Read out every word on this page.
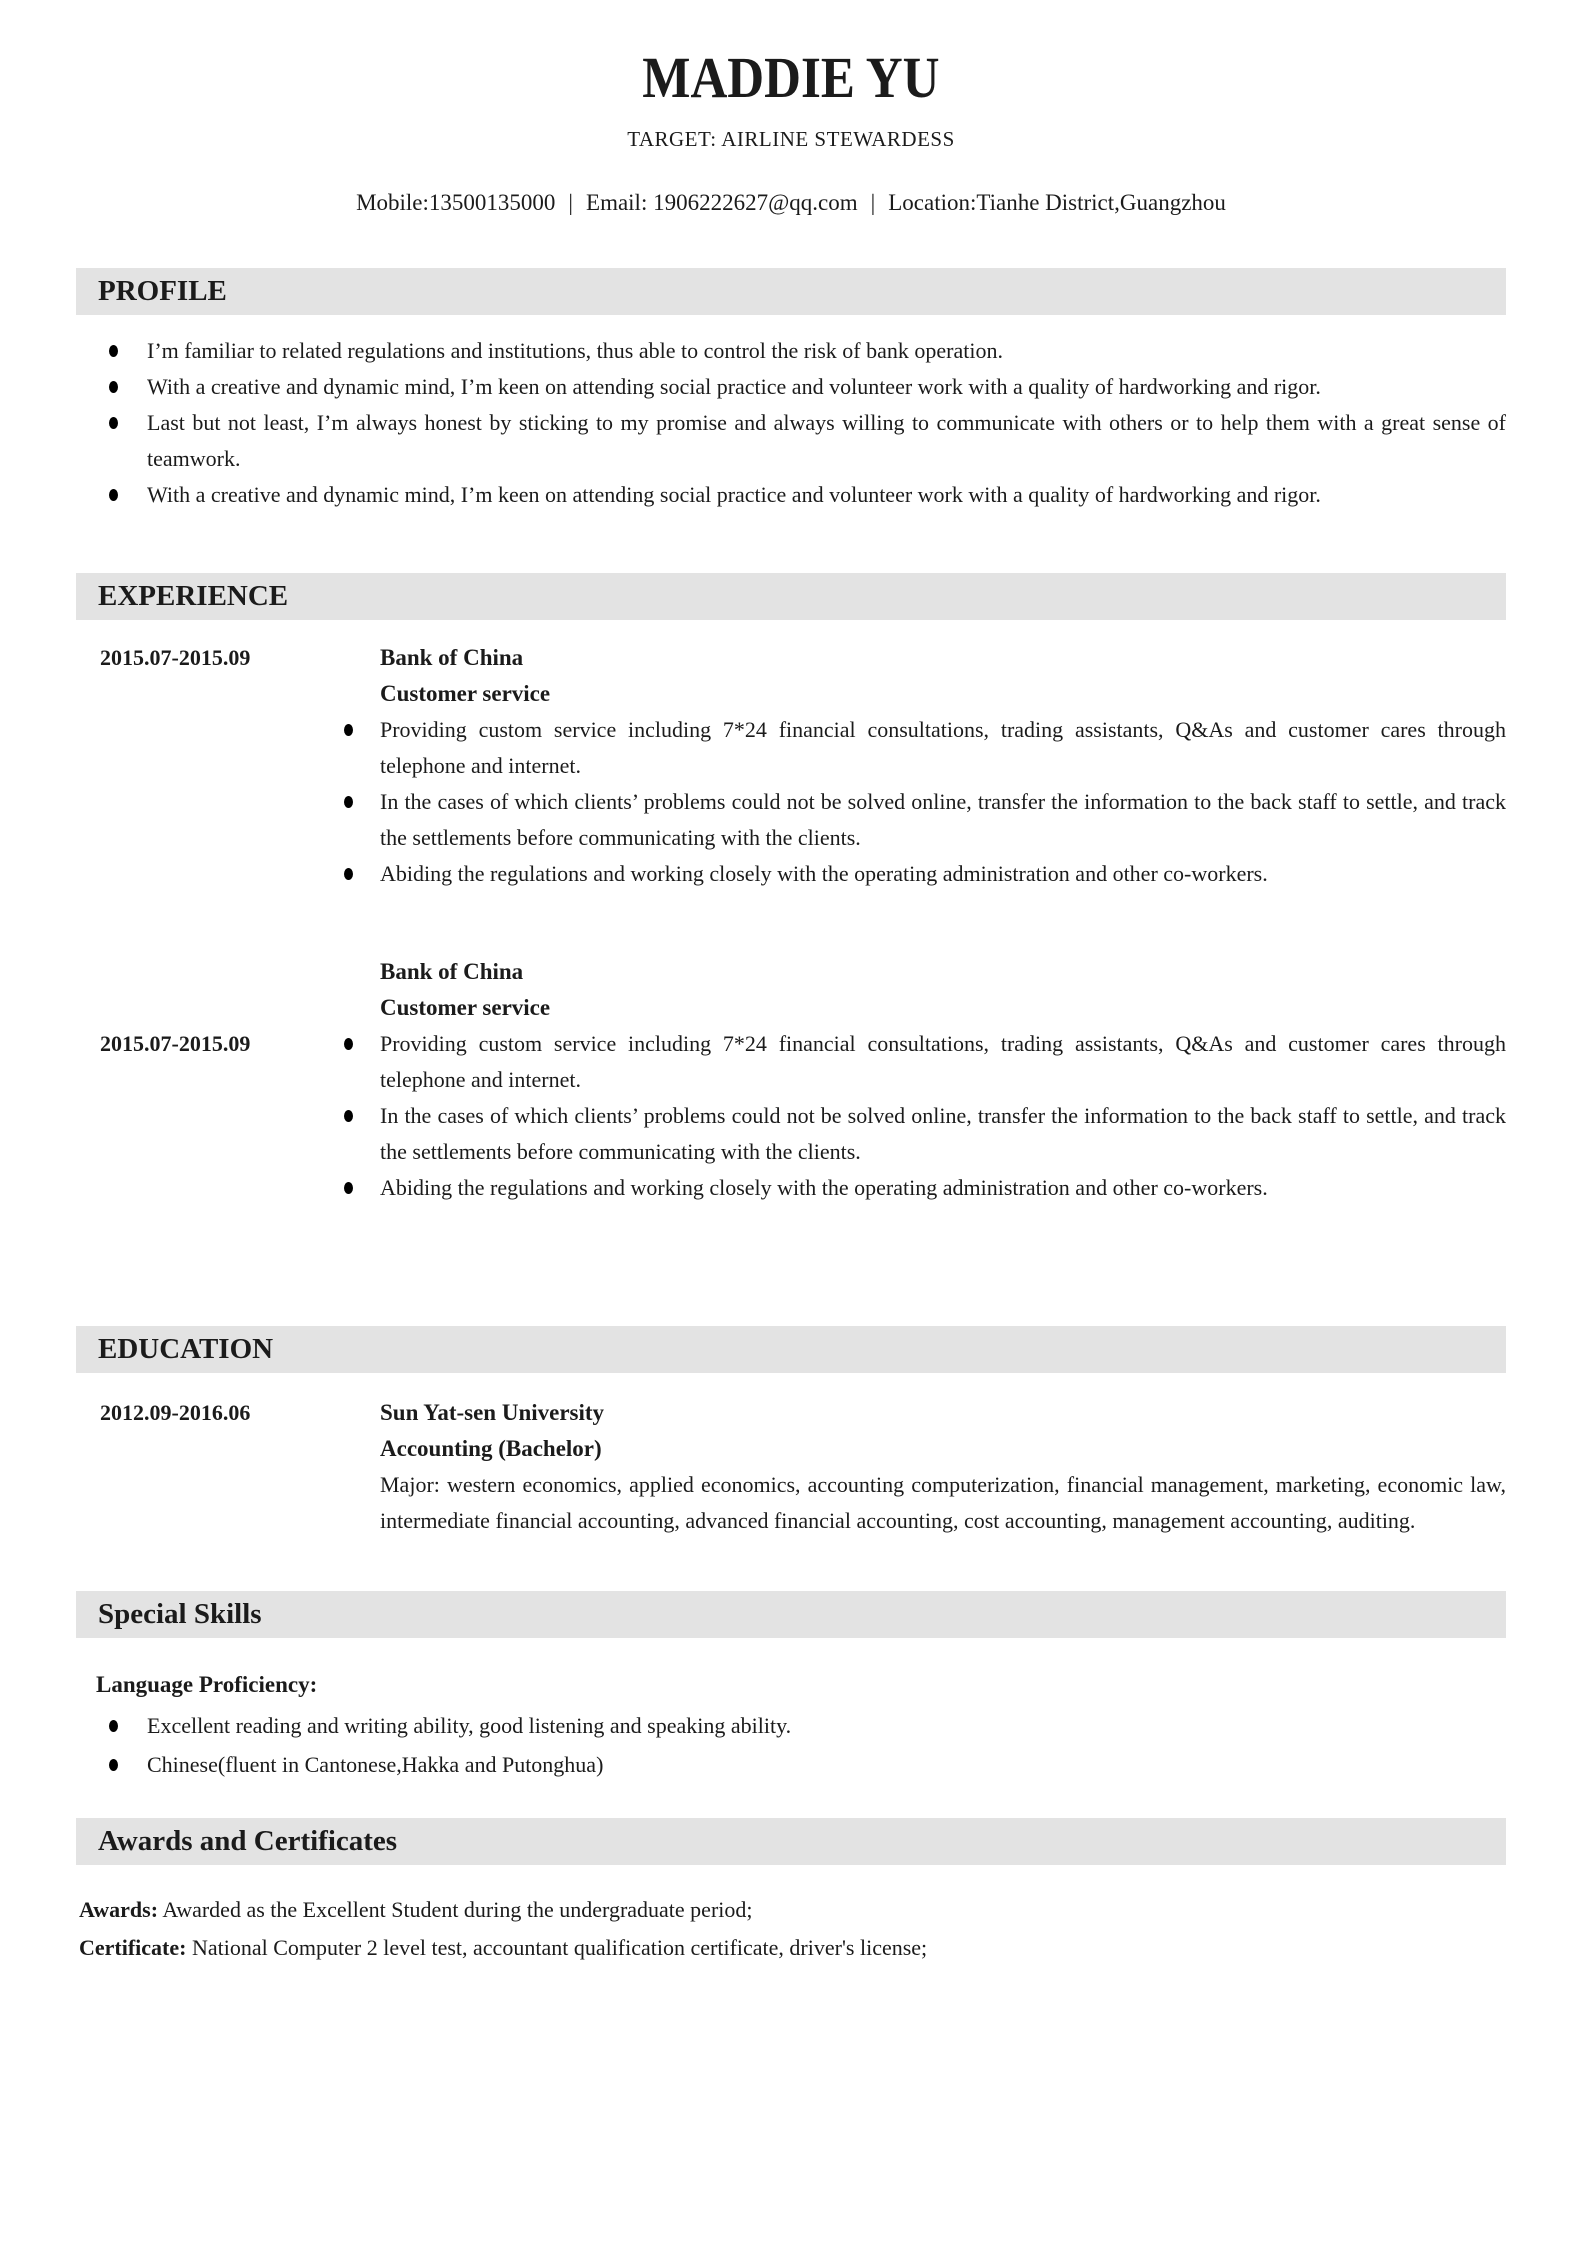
MADDIE YU
TARGET: AIRLINE STEWARDESS
Mobile:13500135000 | Email: 1906222627@qq.com | Location:Tianhe District,Guangzhou
PROFILE
I’m familiar to related regulations and institutions, thus able to control the risk of bank operation.
With a creative and dynamic mind, I’m keen on attending social practice and volunteer work with a quality of hardworking and rigor.
Last but not least, I’m always honest by sticking to my promise and always willing to communicate with others or to help them with a great sense of teamwork.
With a creative and dynamic mind, I’m keen on attending social practice and volunteer work with a quality of hardworking and rigor.
EXPERIENCE
2015.07-2015.09	Bank of China
Customer service
Providing custom service including 7*24 financial consultations, trading assistants, Q&As and customer cares through telephone and internet.
In the cases of which clients’ problems could not be solved online, transfer the information to the back staff to settle, and track the settlements before communicating with the clients.
Abiding the regulations and working closely with the operating administration and other co-workers.
2015.07-2015.09
Bank of China
Customer service
Providing custom service including 7*24 financial consultations, trading assistants, Q&As and customer cares through telephone and internet.
In the cases of which clients’ problems could not be solved online, transfer the information to the back staff to settle, and track the settlements before communicating with the clients.
Abiding the regulations and working closely with the operating administration and other co-workers.
EDUCATION
2012.09-2016.06	Sun Yat-sen University
Accounting (Bachelor)
Major: western economics, applied economics, accounting computerization, financial management, marketing, economic law, intermediate financial accounting, advanced financial accounting, cost accounting, management accounting, auditing.
Special Skills
Language Proficiency:
Excellent reading and writing ability, good listening and speaking ability.
Chinese(fluent in Cantonese,Hakka and Putonghua)
Awards and Certificates
Awards: Awarded as the Excellent Student during the undergraduate period;
Certificate: National Computer 2 level test, accountant qualification certificate, driver's license;
